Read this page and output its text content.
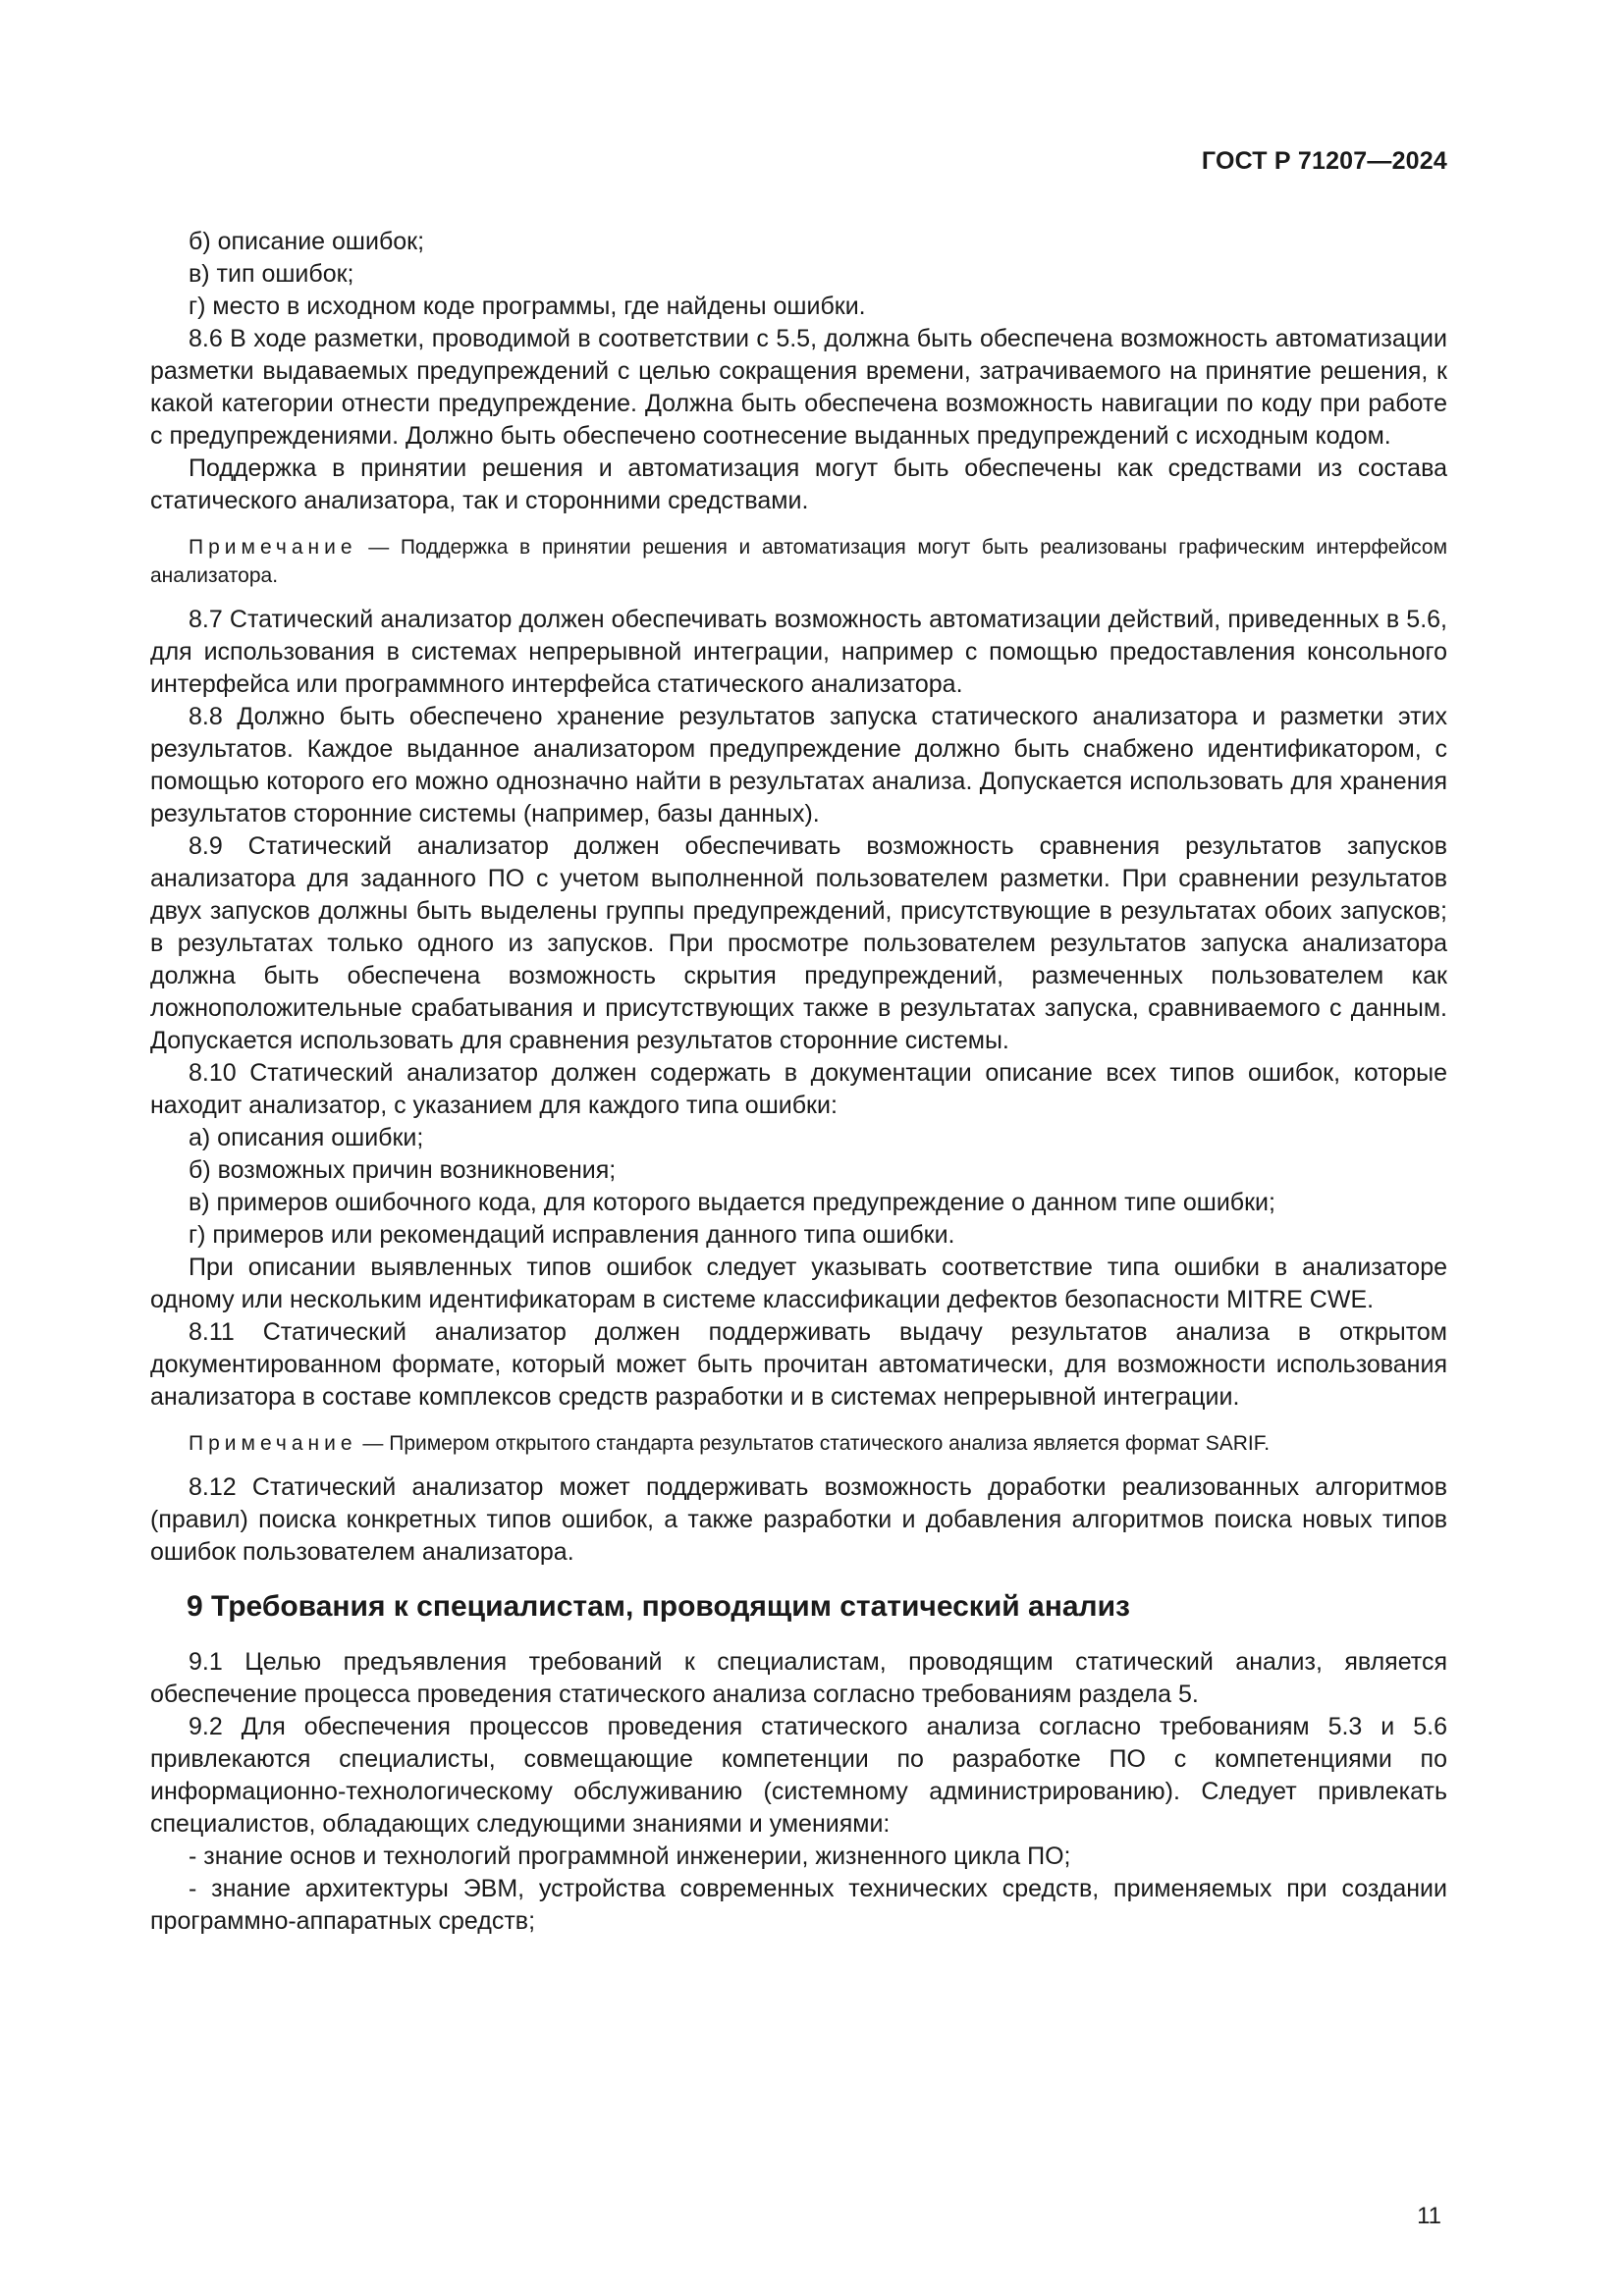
ГОСТ Р 71207—2024

б) описание ошибок;

в) тип ошибок;

г) место в исходном коде программы, где найдены ошибки.

8.6 В ходе разметки, проводимой в соответствии с 5.5, должна быть обеспечена возможность автоматизации разметки выдаваемых предупреждений с целью сокращения времени, затрачиваемого на принятие решения, к какой категории отнести предупреждение. Должна быть обеспечена возможность навигации по коду при работе с предупреждениями. Должно быть обеспечено соотнесение выданных предупреждений с исходным кодом.

Поддержка в принятии решения и автоматизация могут быть обеспечены как средствами из состава статического анализатора, так и сторонними средствами.

Примечание — Поддержка в принятии решения и автоматизация могут быть реализованы графическим интерфейсом анализатора.

8.7 Статический анализатор должен обеспечивать возможность автоматизации действий, приведенных в 5.6, для использования в системах непрерывной интеграции, например с помощью предоставления консольного интерфейса или программного интерфейса статического анализатора.

8.8 Должно быть обеспечено хранение результатов запуска статического анализатора и разметки этих результатов. Каждое выданное анализатором предупреждение должно быть снабжено идентификатором, с помощью которого его можно однозначно найти в результатах анализа. Допускается использовать для хранения результатов сторонние системы (например, базы данных).

8.9 Статический анализатор должен обеспечивать возможность сравнения результатов запусков анализатора для заданного ПО с учетом выполненной пользователем разметки. При сравнении результатов двух запусков должны быть выделены группы предупреждений, присутствующие в результатах обоих запусков; в результатах только одного из запусков. При просмотре пользователем результатов запуска анализатора должна быть обеспечена возможность скрытия предупреждений, размеченных пользователем как ложноположительные срабатывания и присутствующих также в результатах запуска, сравниваемого с данным. Допускается использовать для сравнения результатов сторонние системы.

8.10 Статический анализатор должен содержать в документации описание всех типов ошибок, которые находит анализатор, с указанием для каждого типа ошибки:

а) описания ошибки;

б) возможных причин возникновения;

в) примеров ошибочного кода, для которого выдается предупреждение о данном типе ошибки;

г) примеров или рекомендаций исправления данного типа ошибки.

При описании выявленных типов ошибок следует указывать соответствие типа ошибки в анализаторе одному или нескольким идентификаторам в системе классификации дефектов безопасности MITRE CWE.

8.11 Статический анализатор должен поддерживать выдачу результатов анализа в открытом документированном формате, который может быть прочитан автоматически, для возможности использования анализатора в составе комплексов средств разработки и в системах непрерывной интеграции.

Примечание — Примером открытого стандарта результатов статического анализа является формат SARIF.

8.12 Статический анализатор может поддерживать возможность доработки реализованных алгоритмов (правил) поиска конкретных типов ошибок, а также разработки и добавления алгоритмов поиска новых типов ошибок пользователем анализатора.

9 Требования к специалистам, проводящим статический анализ

9.1 Целью предъявления требований к специалистам, проводящим статический анализ, является обеспечение процесса проведения статического анализа согласно требованиям раздела 5.

9.2 Для обеспечения процессов проведения статического анализа согласно требованиям 5.3 и 5.6 привлекаются специалисты, совмещающие компетенции по разработке ПО с компетенциями по информационно-технологическому обслуживанию (системному администрированию). Следует привлекать специалистов, обладающих следующими знаниями и умениями:

- знание основ и технологий программной инженерии, жизненного цикла ПО;

- знание архитектуры ЭВМ, устройства современных технических средств, применяемых при создании программно-аппаратных средств;

11
